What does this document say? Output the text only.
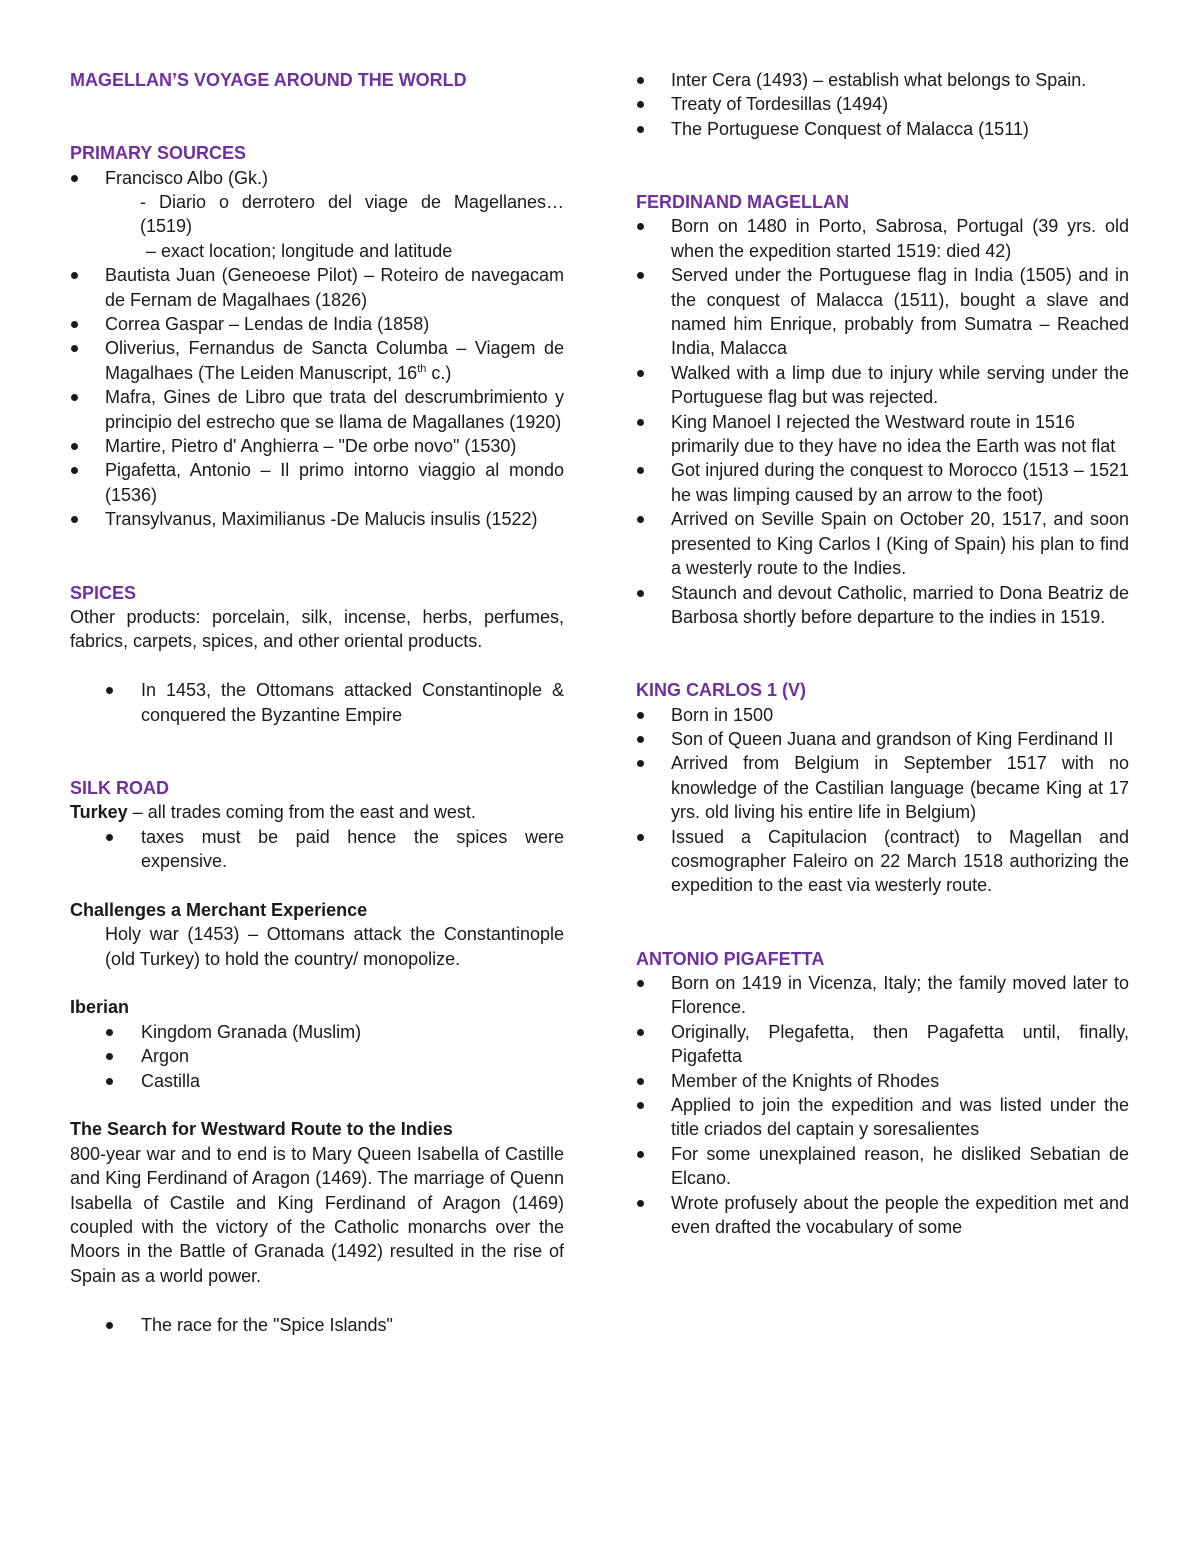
MAGELLAN’S VOYAGE AROUND THE WORLD
PRIMARY SOURCES
Francisco Albo (Gk.)
- Diario o derrotero del viage de Magellanes… (1519)
– exact location; longitude and latitude
Bautista Juan (Geneoese Pilot) – Roteiro de navegacam de Fernam de Magalhaes (1826)
Correa Gaspar – Lendas de India (1858)
Oliverius, Fernandus de Sancta Columba – Viagem de Magalhaes (The Leiden Manuscript, 16th c.)
Mafra, Gines de Libro que trata del descrumbrimiento y principio del estrecho que se llama de Magallanes (1920)
Martire, Pietro d' Anghierra – "De orbe novo" (1530)
Pigafetta, Antonio – Il primo intorno viaggio al mondo (1536)
Transylvanus, Maximilianus -De Malucis insulis (1522)
SPICES
Other products: porcelain, silk, incense, herbs, perfumes, fabrics, carpets, spices, and other oriental products.
In 1453, the Ottomans attacked Constantinople & conquered the Byzantine Empire
SILK ROAD
Turkey – all trades coming from the east and west.
taxes must be paid hence the spices were expensive.
Challenges a Merchant Experience
Holy war (1453) – Ottomans attack the Constantinople (old Turkey) to hold the country/ monopolize.
Iberian
Kingdom Granada (Muslim)
Argon
Castilla
The Search for Westward Route to the Indies
800-year war and to end is to Mary Queen Isabella of Castille and King Ferdinand of Aragon (1469). The marriage of Quenn Isabella of Castile and King Ferdinand of Aragon (1469) coupled with the victory of the Catholic monarchs over the Moors in the Battle of Granada (1492) resulted in the rise of Spain as a world power.
The race for the "Spice Islands"
Inter Cera (1493) – establish what belongs to Spain.
Treaty of Tordesillas (1494)
The Portuguese Conquest of Malacca (1511)
FERDINAND MAGELLAN
Born on 1480 in Porto, Sabrosa, Portugal (39 yrs. old when the expedition started 1519: died 42)
Served under the Portuguese flag in India (1505) and in the conquest of Malacca (1511), bought a slave and named him Enrique, probably from Sumatra – Reached India, Malacca
Walked with a limp due to injury while serving under the Portuguese flag but was rejected.
King Manoel I rejected the Westward route in 1516 primarily due to they have no idea the Earth was not flat
Got injured during the conquest to Morocco (1513 – 1521 he was limping caused by an arrow to the foot)
Arrived on Seville Spain on October 20, 1517, and soon presented to King Carlos I (King of Spain) his plan to find a westerly route to the Indies.
Staunch and devout Catholic, married to Dona Beatriz de Barbosa shortly before departure to the indies in 1519.
KING CARLOS 1 (V)
Born in 1500
Son of Queen Juana and grandson of King Ferdinand II
Arrived from Belgium in September 1517 with no knowledge of the Castilian language (became King at 17 yrs. old living his entire life in Belgium)
Issued a Capitulacion (contract) to Magellan and cosmographer Faleiro on 22 March 1518 authorizing the expedition to the east via westerly route.
ANTONIO PIGAFETTA
Born on 1419 in Vicenza, Italy; the family moved later to Florence.
Originally, Plegafetta, then Pagafetta until, finally, Pigafetta
Member of the Knights of Rhodes
Applied to join the expedition and was listed under the title criados del captain y soresalientes
For some unexplained reason, he disliked Sebatian de Elcano.
Wrote profusely about the people the expedition met and even drafted the vocabulary of some
